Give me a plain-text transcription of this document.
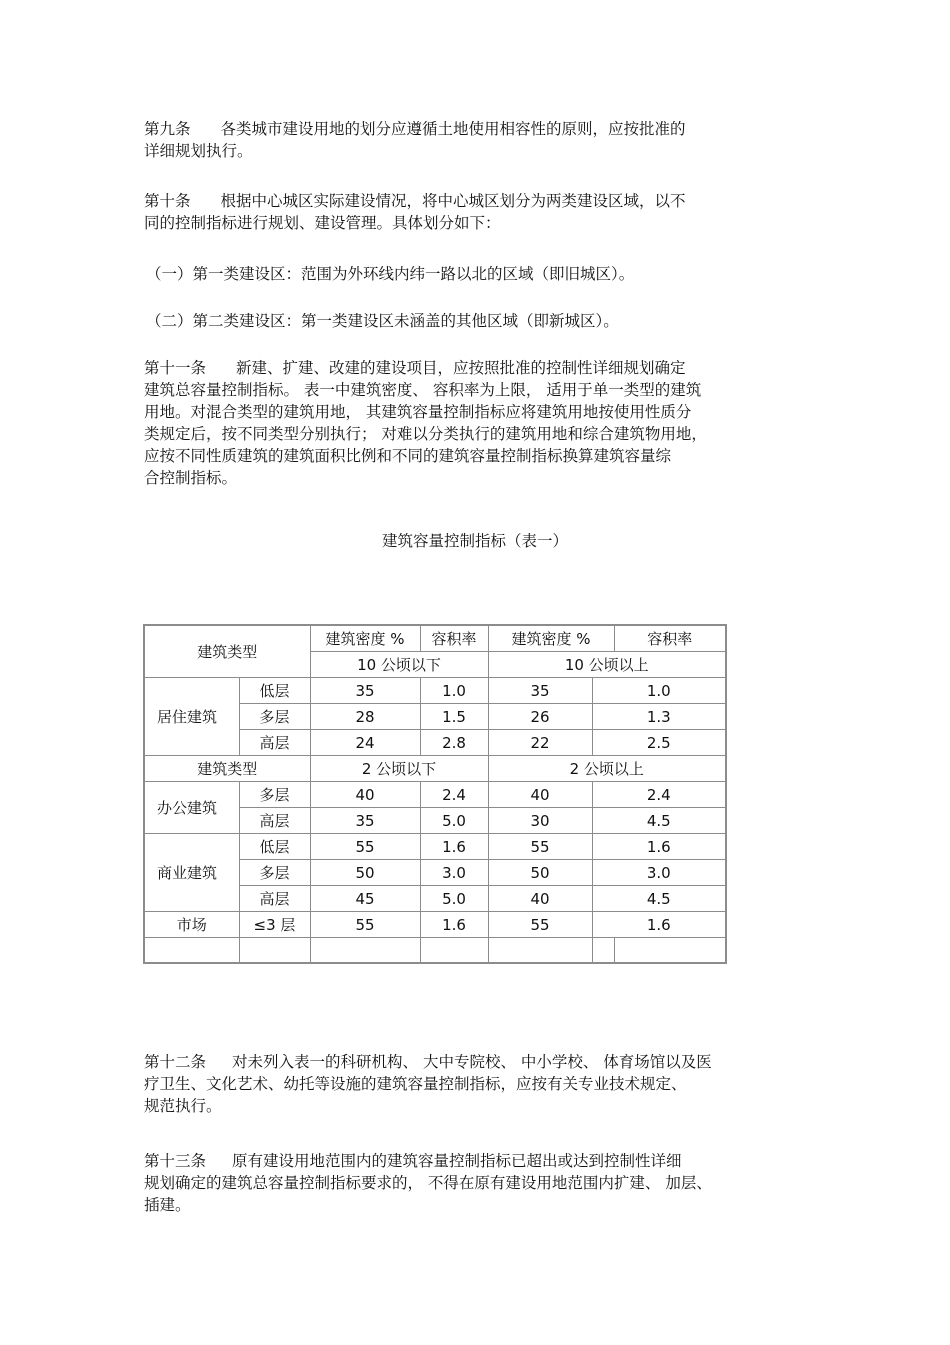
第九条 各类城市建设用地的划分应遵循土地使用相容性的原则，应按批准的
详细规划执行。

第十条 根据中心城区实际建设情况，将中心城区划分为两类建设区域，以不
同的控制指标进行规划、建设管理。具体划分如下：

（一）第一类建设区：范围为外环线内纬一路以北的区域（即旧城区）。

（二）第二类建设区：第一类建设区未涵盖的其他区域（即新城区）。

第十一条 新建、扩建、改建的建设项目，应按照批准的控制性详细规划确定
建筑总容量控制指标。 表一中建筑密度、 容积率为上限， 适用于单一类型的建筑
用地。对混合类型的建筑用地， 其建筑容量控制指标应将建筑用地按使用性质分
类规定后，按不同类型分别执行； 对难以分类执行的建筑用地和综合建筑物用地，
应按不同性质建筑的建筑面积比例和不同的建筑容量控制指标换算建筑容量综
合控制指标。

建筑容量控制指标（表一）
建筑类型		建筑密度 %	容积率	建筑密度 %		容积率
		10 公顷以下		10 公顷以上		
居住建筑	低层	35	1.0	35	1.0	
	多层	28	1.5	26	1.3	
	高层	24	2.8	22	2.5	
建筑类型		2 公顷以下		2 公顷以上		
办公建筑	多层	40	2.4	40	2.4	
	高层	35	5.0	30	4.5	
商业建筑	低层	55	1.6	55	1.6	
	多层	50	3.0	50	3.0	
	高层	45	5.0	40	4.5	
市场	≤3 层	55	1.6	55	1.6	

第十二条 对未列入表一的科研机构、 大中专院校、 中小学校、 体育场馆以及医
疗卫生、文化艺术、幼托等设施的建筑容量控制指标，应按有关专业技术规定、
规范执行。

第十三条 原有建设用地范围内的建筑容量控制指标已超出或达到控制性详细
规划确定的建筑总容量控制指标要求的， 不得在原有建设用地范围内扩建、 加层、
插建。
